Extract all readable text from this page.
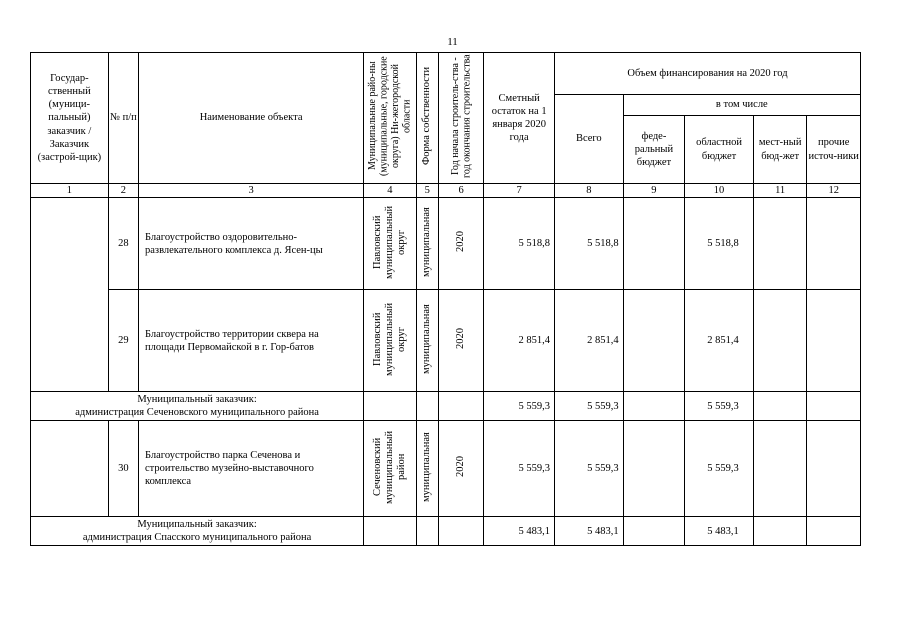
11
Государ-ственный (муници-пальный) заказчик / Заказчик (застрой-щик)	№ п/п	Наименование объекта	Муниципальные райо-ны (муниципальные, городские округа) Ни-жегородской области	Форма собственности	Год начала строитель-ства - год окончания строительства	Сметный остаток на 1 января 2020 года	Объем финансирования на 2020 год				
							Всего	в том числе			
								феде-ральный бюджет	областной бюджет	мест-ный бюд-жет	прочие источ-ники
1	2	3	4	5	6	7	8	9	10	11	12
	28	Благоустройство оздоровительно-развлекательного комплекса д. Ясен-цы	Павловский муниципальный округ	муниципальная	2020	5 518,8	5 518,8		5 518,8		
	29	Благоустройство территории сквера на площади Первомайской в г. Гор-батов	Павловский муниципальный округ	муниципальная	2020	2 851,4	2 851,4		2 851,4		

Муниципальный заказчик:
администрация Сеченовского муниципального района						5 559,3	5 559,3		5 559,3		
	30	Благоустройство парка Сеченова и строительство музейно-выставочного комплекса	Сеченовский муниципальный район	муниципальная	2020	5 559,3	5 559,3		5 559,3		

Муниципальный заказчик:
администрация Спасского муниципального района						5 483,1	5 483,1		5 483,1		
